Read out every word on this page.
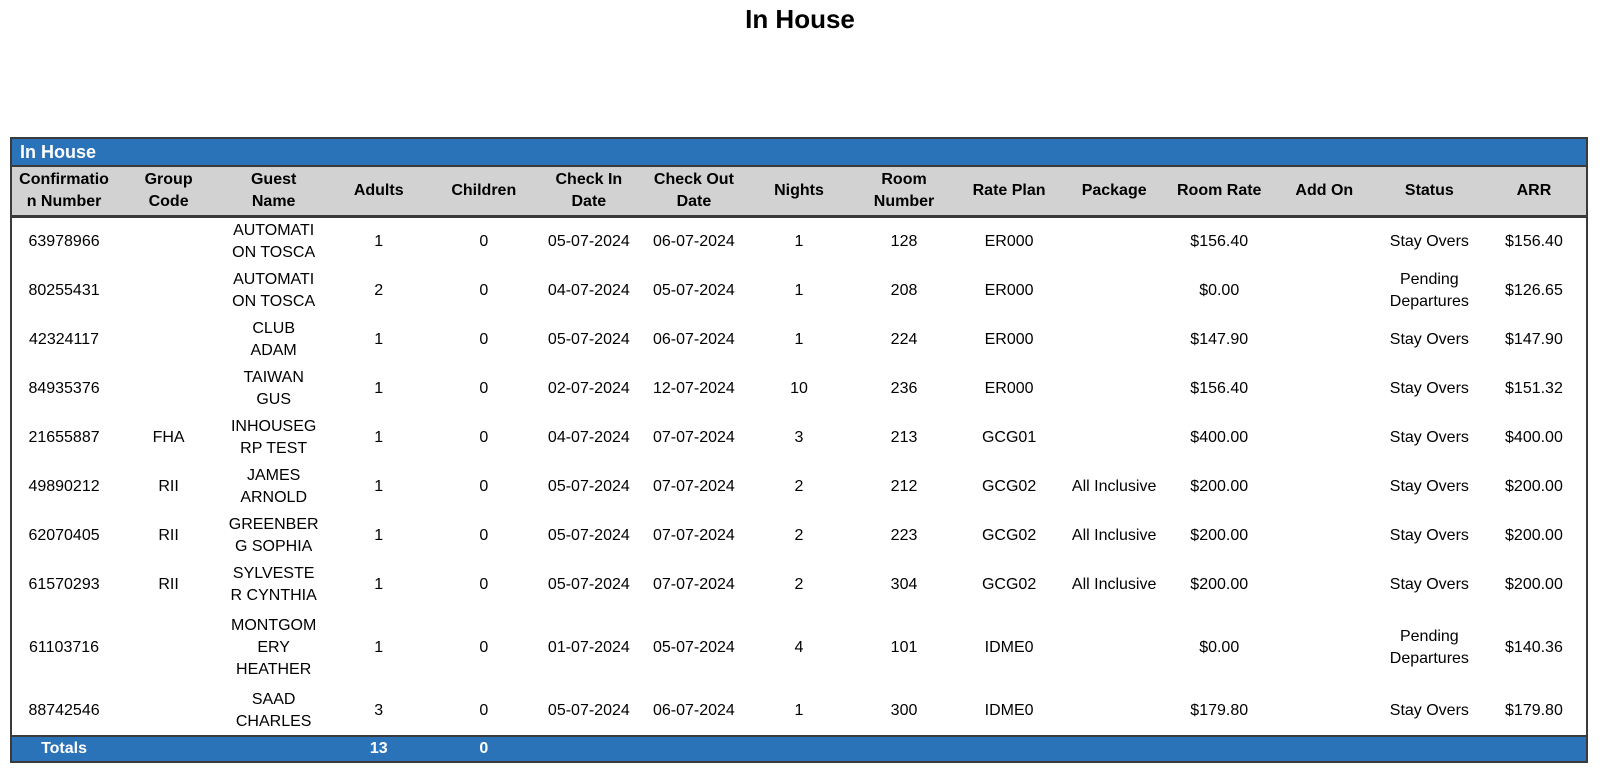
In House
In House														
Confirmation Number	Group Code	Guest Name	Adults	Children	Check In Date	Check Out Date	Nights	Room Number	Rate Plan	Package	Room Rate	Add On	Status	ARR
63978966		AUTOMATION TOSCA	1	0	05-07-2024	06-07-2024	1	128	ER000		$156.40		Stay Overs	$156.40
80255431		AUTOMATION TOSCA	2	0	04-07-2024	05-07-2024	1	208	ER000		$0.00		Pending Departures	$126.65
42324117		CLUB ADAM	1	0	05-07-2024	06-07-2024	1	224	ER000		$147.90		Stay Overs	$147.90
84935376		TAIWAN GUS	1	0	02-07-2024	12-07-2024	10	236	ER000		$156.40		Stay Overs	$151.32
21655887	FHA	INHOUSEGRP TEST	1	0	04-07-2024	07-07-2024	3	213	GCG01		$400.00		Stay Overs	$400.00
49890212	RII	JAMES ARNOLD	1	0	05-07-2024	07-07-2024	2	212	GCG02	All Inclusive	$200.00		Stay Overs	$200.00
62070405	RII	GREENBERG SOPHIA	1	0	05-07-2024	07-07-2024	2	223	GCG02	All Inclusive	$200.00		Stay Overs	$200.00
61570293	RII	SYLVESTER CYNTHIA	1	0	05-07-2024	07-07-2024	2	304	GCG02	All Inclusive	$200.00		Stay Overs	$200.00
61103716		MONTGOMERY HEATHER	1	0	01-07-2024	05-07-2024	4	101	IDME0		$0.00		Pending Departures	$140.36
88742546		SAAD CHARLES	3	0	05-07-2024	06-07-2024	1	300	IDME0		$179.80		Stay Overs	$179.80
Totals			13	0										
